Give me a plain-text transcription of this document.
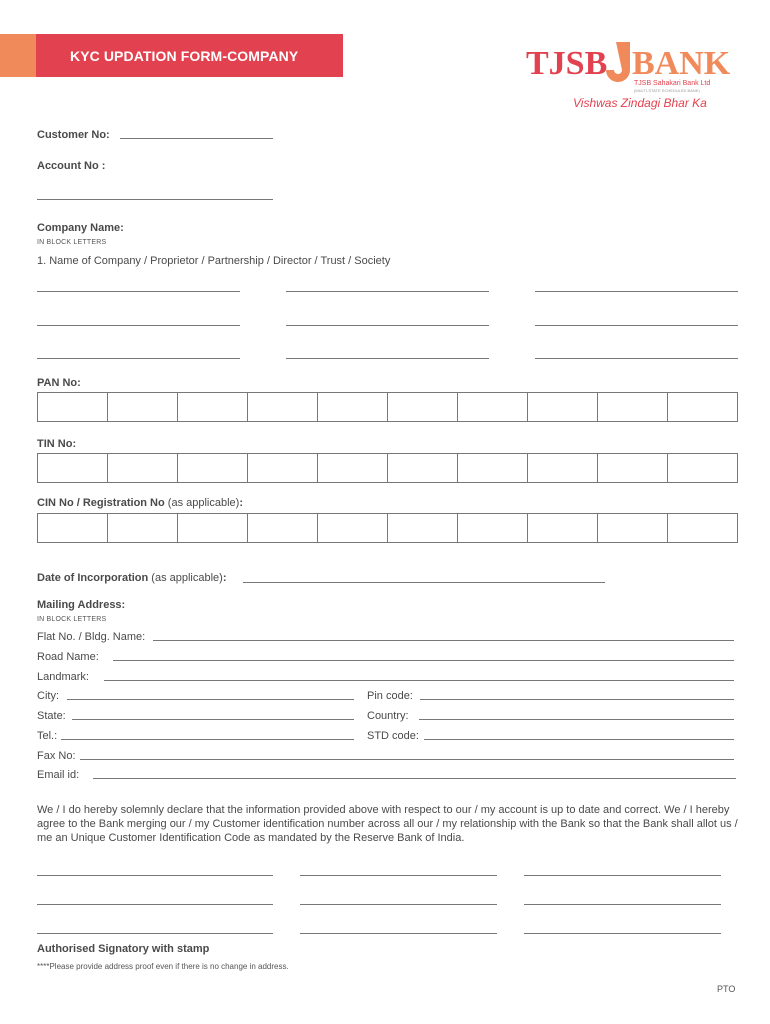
KYC UPDATION FORM-COMPANY	TJSB BANK
TJSB Sahakari Bank Ltd
(MULTI-STATE SCHEDULED BANK)
Vishwas Zindagi Bhar Ka
Customer No:
Account No :
Company Name:
IN BLOCK LETTERS
1. Name of Company / Proprietor / Partnership / Director / Trust / Society
PAN No:
TIN No:
CIN No / Registration No (as applicable):
Date of Incorporation (as applicable):
Mailing Address:
IN BLOCK LETTERS
Flat No. / Bldg. Name:
Road Name:
Landmark:
City:	Pin code:
State:	Country:
Tel.:	STD code:
Fax No:
Email id:
We / I do hereby solemnly declare that the information provided above with respect to our / my account is up to date and correct. We / I hereby agree to the Bank merging our / my Customer identification number across all our / my relationship with the Bank so that the Bank shall allot us / me an Unique Customer Identification Code as mandated by the Reserve Bank of India.
Authorised Signatory with stamp
****Please provide address proof even if there is no change in address.
PTO
